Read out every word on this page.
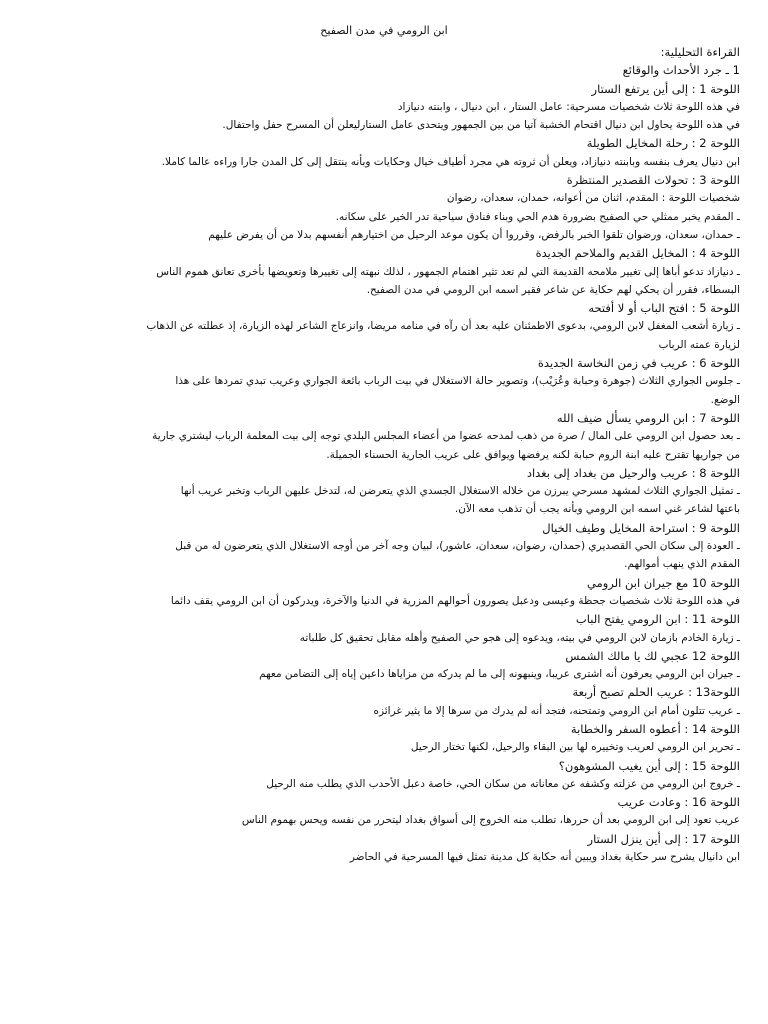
ابن الرومي في مدن الصفيح

القراءة التحليلية:

1 ـ جرد الأحداث والوقائع

اللوحة 1 : إلى أين يرتفع الستار

في هذه اللوحة ثلاث شخصيات مسرحية: عامل الستار ، ابن دنيال ، وابنته دنيازاد

في هذه اللوحة يحاول ابن دنيال اقتحام الخشبة آتيا من بين الجمهور ويتحدى عامل الستارليعلن أن المسرح حفل واحتفال.

اللوحة 2 : رحلة المخايل الطويلة

ابن دنيال يعرف بنفسه وبابنته دنيازاد، ويعلن أن ثروته هي مجرد أطياف خيال وحكايات وبأنه ينتقل إلى كل المدن جارا وراءه عالما كاملا.

اللوحة 3 : تحولات القصدير المنتظرة

شخصيات اللوحة : المقدم، اثنان من أعوانه، حمدان، سعدان، رضوان

ـ المقدم يخبر ممثلي حي الصفيح بضرورة هدم الحي وبناء فنادق سياحية تدر الخير على سكانه.

ـ حمدان، سعدان، ورضوان تلقوا الخبر بالرفض، وقرروا أن يكون موعد الرحيل من اختيارهم أنفسهم بدلا من أن يفرض عليهم

اللوحة 4 : المخايل القديم والملاحم الجديدة

ـ دنيازاد تدعو أباها إلى تغيير ملامحه القديمة التي لم تعد تثير اهتمام الجمهور ، لذلك نبهته إلى تغييرها وتعويضها بأخرى تعانق هموم الناس

البسطاء، فقرر أن يحكي لهم حكاية عن شاعر فقير اسمه ابن الرومي في مدن الصفيح.

اللوحة 5 : افتح الباب أو لا أفتحه

ـ زيارة أشعب المغفل لابن الرومي، بدعوى الاطمئنان عليه بعد أن رآه في منامه مريضا، وانزعاج الشاعر لهذه الزيارة، إذ عطلته عن الذهاب

لزيارة عمته الرباب

اللوحة 6 : عريب في زمن النخاسة الجديدة

ـ جلوس الجواري الثلاث (جوهرة وحبابة وعُرَيْب)، وتصوير حالة الاستغلال في بيت الرباب بائعة الجواري وعريب تبدي تمردها على هذا

الوضع.

اللوحة 7 : ابن الرومي يسأل ضيف الله

ـ بعد حصول ابن الرومي على المال / صرة من ذهب لمدحه عضوا من أعضاء المجلس البلدي توجه إلى بيت المعلمة الرباب ليشتري جارية

من جواريها تقترح عليه ابنة الروم حبابة لكنه يرفضها ويوافق على عريب الجارية الحسناء الجميلة.

اللوحة 8 : عريب والرحيل من بغداد إلى بغداد

ـ تمثيل الجواري الثلاث لمشهد مسرحي يبرزن من خلاله الاستغلال الجسدي الذي يتعرضن له، لتدخل عليهن الرباب وتخبر عريب أنها

باعتها لشاعر غني اسمه ابن الرومي وبأنه يجب أن تذهب معه الآن.

اللوحة 9 : استراحة المخايل وطيف الخيال

ـ العودة إلى سكان الحي القصديري (حمدان، رضوان، سعدان، عاشور)، لبيان وجه آخر من أوجه الاستغلال الذي يتعرضون له من قبل

المقدم الذي ينهب أموالهم.

اللوحة 10 مع جيران ابن الرومي

في هذه اللوحة ثلاث شخصيات جحظة وعيسى ودعبل يصورون أحوالهم المزرية في الدنيا والآخرة، ويدركون أن ابن الرومي يقف دائما

اللوحة 11 : ابن الرومي يفتح الباب

ـ زيارة الخادم بازمان لابن الرومي في بيته، ويدعوه إلى هجو حي الصفيح وأهله مقابل تحقيق كل طلباته

اللوحة 12 عجبي لك يا مالك الشمس

ـ جيران ابن الرومي يعرفون أنه اشترى عريبا، وينبهونه إلى ما لم يدركه من مزاياها داعين إياه إلى التضامن معهم

اللوحة13 : عريب الحلم تصبح أربعة

ـ عريب تتلون أمام ابن الرومي وتمتحنه، فتجد أنه لم يدرك من سرها إلا ما يثير غرائزه

اللوحة 14 : أعطوه السفر والخطابة

ـ تحرير ابن الرومي لعريب وتخييره لها بين البقاء والرحيل، لكنها تختار الرحيل

اللوحة 15 : إلى أين يغيب المشوهون؟

ـ خروج ابن الرومي من عزلته وكشفه عن معاناته من سكان الحي، خاصة دعبل الأحدب الذي يطلب منه الرحيل

اللوحة 16 : وعادت عريب

عريب تعود إلى ابن الرومي بعد أن حررها، تطلب منه الخروج إلى أسواق بغداد ليتحرر من نفسه ويحس بهموم الناس

اللوحة 17 : إلى أين ينزل الستار

ابن دانيال يشرح سر حكاية بغداد ويبين أنه حكاية كل مدينة تمثل فيها المسرحية في الحاضر
